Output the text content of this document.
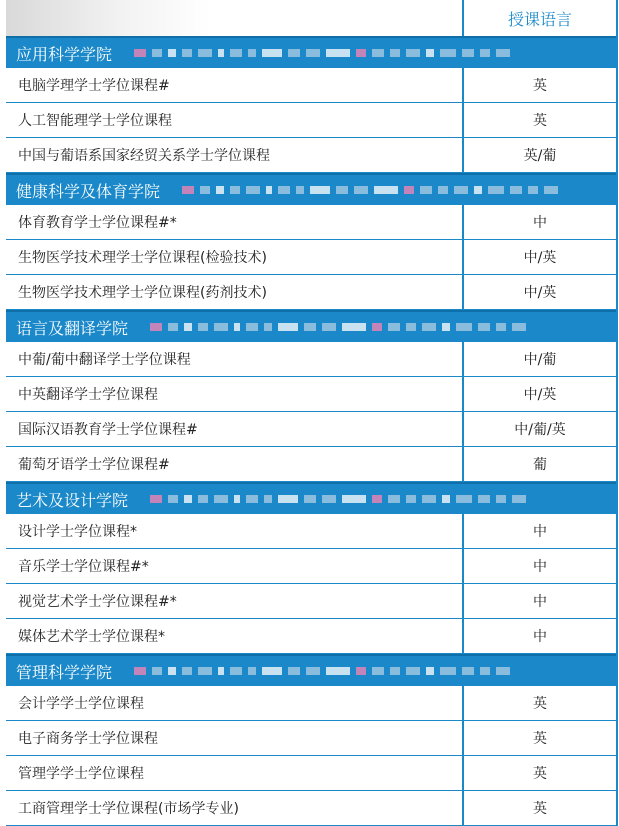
授课语言
应用科学学院
电脑学理学士学位课程#	英
人工智能理学士学位课程	英
中国与葡语系国家经贸关系学士学位课程	英/葡
健康科学及体育学院
体育教育学士学位课程#*	中
生物医学技术理学士学位课程(检验技术)	中/英
生物医学技术理学士学位课程(药剂技术)	中/英
语言及翻译学院
中葡/葡中翻译学士学位课程	中/葡
中英翻译学士学位课程	中/英
国际汉语教育学士学位课程#	中/葡/英
葡萄牙语学士学位课程#	葡
艺术及设计学院
设计学士学位课程*	中
音乐学士学位课程#*	中
视觉艺术学士学位课程#*	中
媒体艺术学士学位课程*	中
管理科学学院
会计学学士学位课程	英
电子商务学士学位课程	英
管理学学士学位课程	英
工商管理学士学位课程(市场学专业)	英
